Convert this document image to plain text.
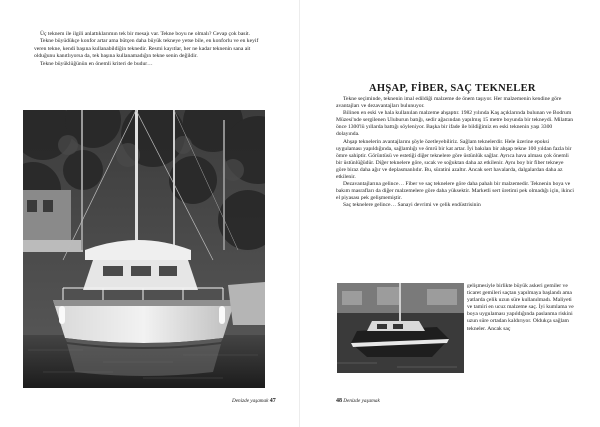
Üç teknem ile ilgili anlattıklarımın tek bir mesajı var. Tekne boyu ne olmalı? Cevap çok basit.

Tekne büyüdükçe konfor artar ama bütçen daha büyük tekneye yetse bile, en konforlu ve en keyif veren tekne, kendi başına kullanabildiğin teknedir. Resmi kayıtlar, her ne kadar teknenin sana ait olduğunu kanıtlıyorsa da, tek başına kullanamadığın tekne senin değildir.

Tekne büyüklüğünün en önemli kriteri de budur…

Denizde yaşamak 47
AHŞAP, FİBER, SAÇ TEKNELER

Tekne seçiminde, teknenin imal edildiği malzeme de önem taşıyor. Her malzemenin kendine göre avantajları ve dezavantajları bulunuyor.

Bilinen en eski ve hala kullanılan malzeme ahşaptır. 1982 yılında Kaş açıklarında bulunan ve Bodrum Müzesi'nde sergilenen Uluburun batığı, sedir ağacından yapılmış 15 metre boyunda bir tekneydi. Milattan önce 1300'lü yıllarda battığı söyleniyor. Başka bir ifade ile bildiğimiz en eski teknenin yaşı 3300 dolayında.

Ahşap teknelerin avantajlarını şöyle özetleyebiliriz. Sağlam teknelerdir. Hele üzerine epoksi uygulaması yapıldığında, sağlamlığı ve ömrü bir kat artar. İyi bakılan bir ahşap tekne 100 yıldan fazla bir ömre sahiptir. Görüntüsü ve estetiği diğer teknelere göre üstünlük sağlar. Ayrıca hava alması çok önemli bir üstünlüğüdür. Diğer teknelere göre, sıcak ve soğuktan daha az etkilenir. Aynı boy bir fiber tekneye göre biraz daha ağır ve deplasmanlıdır. Bu, süratini azaltır. Ancak sert havalarda, dalgalardan daha az etkilenir.

Dezavantajlarına gelince… Fiber ve saç teknelere göre daha pahalı bir malzemedir. Teknenin boya ve bakım masrafları da diğer malzemelere göre daha yüksektir. Marketli sert üretimi pek olmadığı için, ikinci el piyasası pek gelişmemiştir.

Saç teknelere gelince… Sanayi devrimi ve çelik endüstrisinin

gelişmesiyle birlikte büyük askeri gemiler ve ticaret gemileri saçtan yapılmaya başlandı ama yatlarda çelik uzun süre kullanılmadı. Maliyeti ve tamiri en ucuz malzeme saç. İyi kumlama ve boya uygulaması yapıldığında paslanma riskini uzun süre ortadan kaldırıyor. Oldukça sağlam tekneler. Ancak saç
48 Denizde yaşamak
